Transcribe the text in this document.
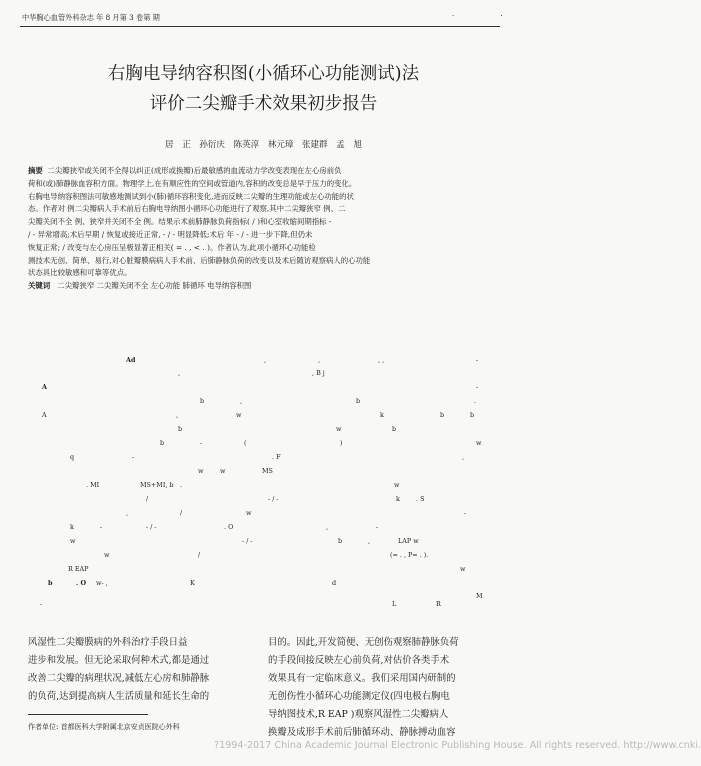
中华胸心血管外科杂志 年 8 月第 3 卷第 期	· ·
右胸电导纳容积图(小循环心功能测试)法
评价二尖瓣手术效果初步报告
居 正 孙衍庆 陈英淳 林元璋 张建群 孟 旭
摘要 二尖瓣狭窄或关闭不全得以纠正(成形或换瓣)后最敏感的血流动力学改变表现在左心房前负
荷和(或)肺静脉血容积方面。物理学上,在有顺应性的空间或管道内,容积的改变总是早于压力的变化。
右胸电导纳容积图法可敏感地测试到小(肺)循环容积变化,进而反映二尖瓣的生理功能或左心功能的状
态。作者对 例二尖瓣病人手术前后右胸电导纳图小循环心功能进行了观察,其中二尖瓣狭窄 例、二
尖瓣关闭不全 例、狭窄并关闭不全 例。结果示术前肺静脉负荷指标( / )和心室收缩间期指标 -
/ - 异常增高;术后早期 / 恢复或接近正常, - / - 明显降低;术后 年 - / - 进一步下降,但仍未
恢复正常; / 改变与左心房压呈极显著正相关( = . , < . )。作者认为,此项小循环心功能检
测技术无创、简单、易行,对心脏瓣膜病病人手术前、后肺静脉负荷的改变以及术后随访观察病人的心功能
状态具比较敏感和可靠等优点。
关键词 二尖瓣狭窄 二尖瓣关闭不全 左心功能 肺循环 电导纳容积图
Ad	,	,	, ,	-
,	, B j
A	-
b	,	b	.
A	,	w	k	b	b
b	w	b
b	-	(	)	w
q	-	. F	,
w	w	MS
. MI	MS+MI, b .	w
/	- / -	k	. S
,	/	w	-
k	-	- / -	. O	,	-
w	- / -	b	,	LAP w
w	/	(= . , P= . ).
R EAP	w
b	. O w- ,	K	d
M
L	R
-
风湿性二尖瓣膜病的外科治疗手段日益
进步和发展。但无论采取何种术式,都是通过
改善二尖瓣的病理状况,减低左心房和肺静脉
的负荷,达到提高病人生活质量和延长生命的
目的。因此,开发简便、无创伤观察肺静脉负荷
的手段间接反映左心前负荷,对估价各类手术
效果具有一定临床意义。我们采用国内研制的
无创伤性小循环心功能测定仪(四电极右胸电
导纳图技术,R EAP )观察风湿性二尖瓣病人
换瓣及成形手术前后肺循环动、静脉搏动血容
作者单位: 首都医科大学附属北京安贞医院心外科
?1994-2017 China Academic Journal Electronic Publishing House. All rights reserved. http://www.cnki.
